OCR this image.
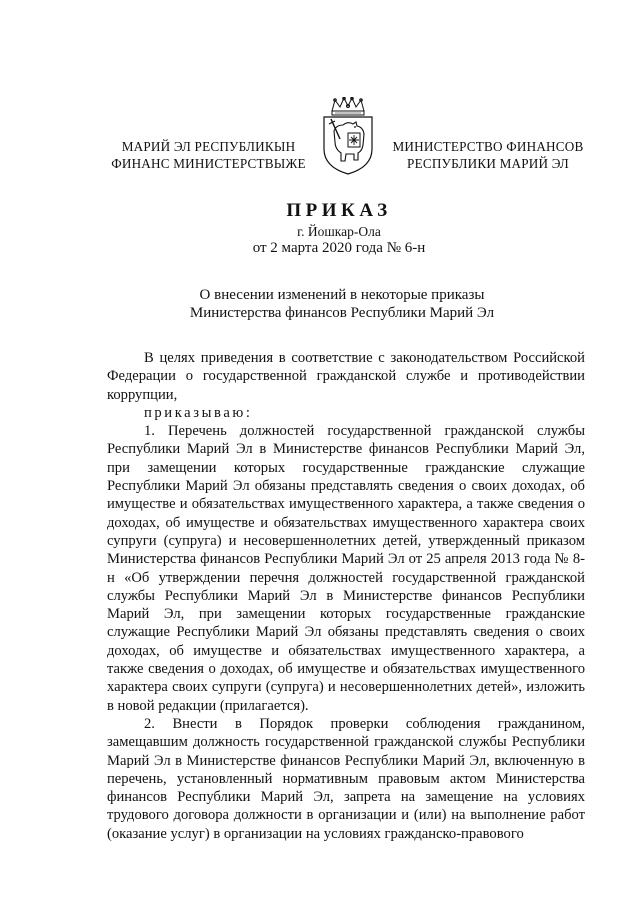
МАРИЙ ЭЛ РЕСПУБЛИКЫН
ФИНАНС МИНИСТЕРСТВЫЖЕ
МИНИСТЕРСТВО ФИНАНСОВ
РЕСПУБЛИКИ МАРИЙ ЭЛ
ПРИКАЗ
г. Йошкар-Ола
от 2 марта 2020 года № 6-н
О внесении изменений в некоторые приказы
Министерства финансов Республики Марий Эл

В целях приведения в соответствие с законодательством Российской Федерации о государственной гражданской службе и противодействии коррупции,

приказываю:

1. Перечень должностей государственной гражданской службы Республики Марий Эл в Министерстве финансов Республики Марий Эл, при замещении которых государственные гражданские служащие Республики Марий Эл обязаны представлять сведения о своих доходах, об имуществе и обязательствах имущественного характера, а также сведения о доходах, об имуществе и обязательствах имущественного характера своих супруги (супруга) и несовершеннолетних детей, утвержденный приказом Министерства финансов Республики Марий Эл от 25 апреля 2013 года № 8-н «Об утверждении перечня должностей государственной гражданской службы Республики Марий Эл в Министерстве финансов Республики Марий Эл, при замещении которых государственные гражданские служащие Республики Марий Эл обязаны представлять сведения о своих доходах, об имуществе и обязательствах имущественного характера, а также сведения о доходах, об имуществе и обязательствах имущественного характера своих супруги (супруга) и несовершеннолетних детей», изложить в новой редакции (прилагается).

2. Внести в Порядок проверки соблюдения гражданином, замещавшим должность государственной гражданской службы Республики Марий Эл в Министерстве финансов Республики Марий Эл, включенную в перечень, установленный нормативным правовым актом Министерства финансов Республики Марий Эл, запрета на замещение на условиях трудового договора должности в организации и (или) на выполнение работ (оказание услуг) в организации на условиях гражданско-правового
